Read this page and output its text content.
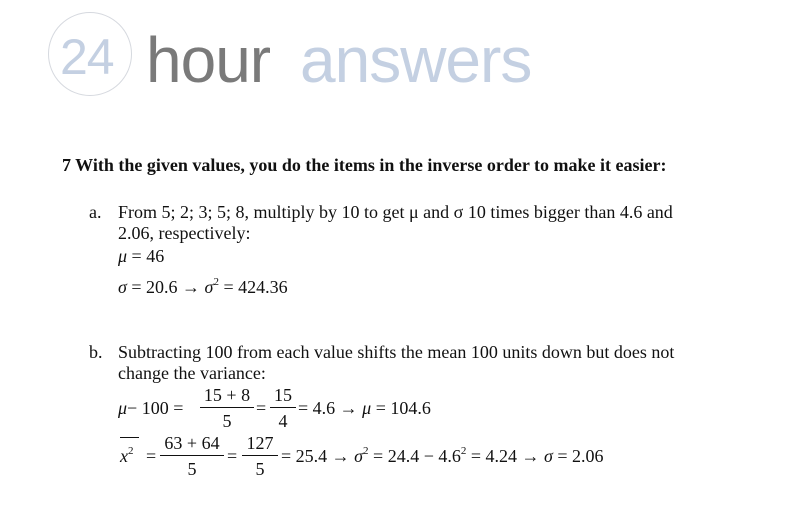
24 hour answers
7 With the given values, you do the items in the inverse order to make it easier:
a. From 5; 2; 3; 5; 8, multiply by 10 to get μ and σ 10 times bigger than 4.6 and 2.06, respectively:
μ = 46
$\sigma = 20.6 \to \sigma^2 = 424.36$
b. Subtracting 100 from each value shifts the mean 100 units down but does not change the variance:
$\mu- 100 = \frac{15 + 8}{5} = \frac{15}{4} = 4.6 \to \mu = 104.6$
$x^2 = \frac{63 + 64}{5} = \frac{127}{5} = 25.4 \to \sigma^2 = 24.4 - 4.6^2 = 4.24 \to \sigma = 2.06$
